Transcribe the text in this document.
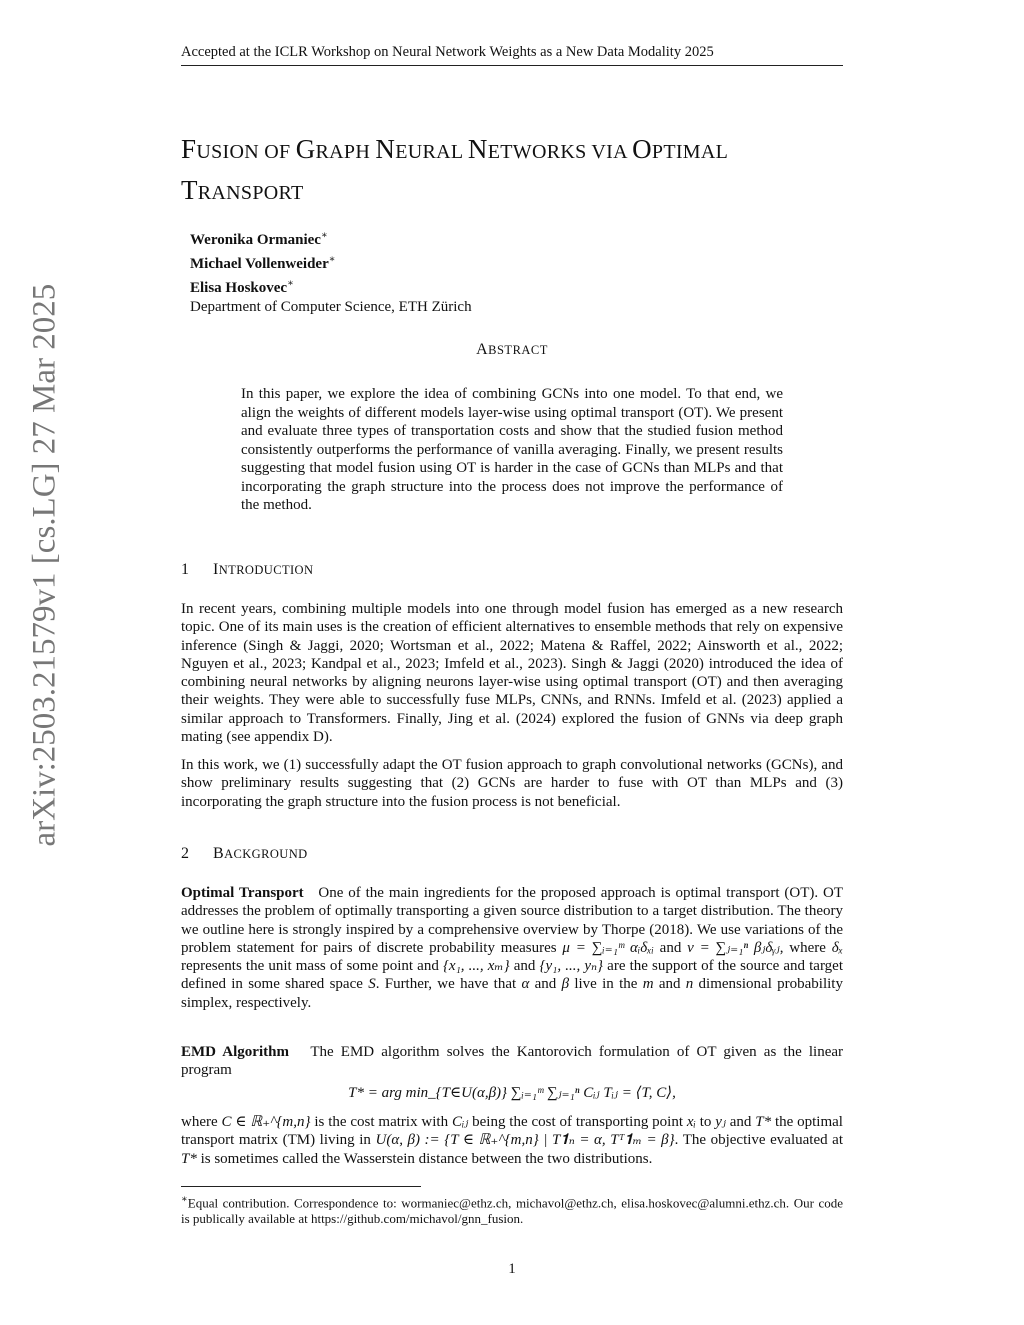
Accepted at the ICLR Workshop on Neural Network Weights as a New Data Modality 2025
FUSION OF GRAPH NEURAL NETWORKS VIA OPTIMAL
TRANSPORT
Weronika Ormaniec∗
Michael Vollenweider∗
Elisa Hoskovec∗
Department of Computer Science, ETH Zürich
arXiv:2503.21579v1 [cs.LG] 27 Mar 2025	ABSTRACT
In this paper, we explore the idea of combining GCNs into one model. To that end, we align the weights of different models layer-wise using optimal transport (OT). We present and evaluate three types of transportation costs and show that the studied fusion method consistently outperforms the performance of vanilla averaging. Finally, we present results suggesting that model fusion using OT is harder in the case of GCNs than MLPs and that incorporating the graph structure into the process does not improve the performance of the method.
1 INTRODUCTION
In recent years, combining multiple models into one through model fusion has emerged as a new research topic. One of its main uses is the creation of efficient alternatives to ensemble methods that rely on expensive inference (Singh & Jaggi, 2020; Wortsman et al., 2022; Matena & Raffel, 2022; Ainsworth et al., 2022; Nguyen et al., 2023; Kandpal et al., 2023; Imfeld et al., 2023). Singh & Jaggi (2020) introduced the idea of combining neural networks by aligning neurons layer-wise using optimal transport (OT) and then averaging their weights. They were able to successfully fuse MLPs, CNNs, and RNNs. Imfeld et al. (2023) applied a similar approach to Transformers. Finally, Jing et al. (2024) explored the fusion of GNNs via deep graph mating (see appendix D).
In this work, we (1) successfully adapt the OT fusion approach to graph convolutional networks (GCNs), and show preliminary results suggesting that (2) GCNs are harder to fuse with OT than MLPs and (3) incorporating the graph structure into the fusion process is not beneficial.
2 BACKGROUND
Optimal Transport One of the main ingredients for the proposed approach is optimal transport (OT). OT addresses the problem of optimally transporting a given source distribution to a target distribution. The theory we outline here is strongly inspired by a comprehensive overview by Thorpe (2018). We use variations of the problem statement for pairs of discrete probability measures μ = ∑ᵢ₌₁ᵐ αᵢδₓᵢ and ν = ∑ⱼ₌₁ⁿ βⱼδᵧⱼ, where δₓ represents the unit mass of some point and {x₁, ..., xₘ} and {y₁, ..., yₙ} are the support of the source and target defined in some shared space S. Further, we have that α and β live in the m and n dimensional probability simplex, respectively.
EMD Algorithm The EMD algorithm solves the Kantorovich formulation of OT given as the linear program
T* = arg min_{T∈U(α,β)} ∑ᵢ₌₁ᵐ ∑ⱼ₌₁ⁿ Cᵢⱼ Tᵢⱼ = ⟨T, C⟩,
where C ∈ ℝ₊^{m,n} is the cost matrix with Cᵢⱼ being the cost of transporting point xᵢ to yⱼ and T* the optimal transport matrix (TM) living in U(α, β) := {T ∈ ℝ₊^{m,n} | T𝟏ₙ = α, Tᵀ𝟏ₘ = β}. The objective evaluated at T* is sometimes called the Wasserstein distance between the two distributions.
∗Equal contribution. Correspondence to: wormaniec@ethz.ch, michavol@ethz.ch, elisa.hoskovec@alumni.ethz.ch. Our code is publically available at https://github.com/michavol/gnn_fusion.
1
